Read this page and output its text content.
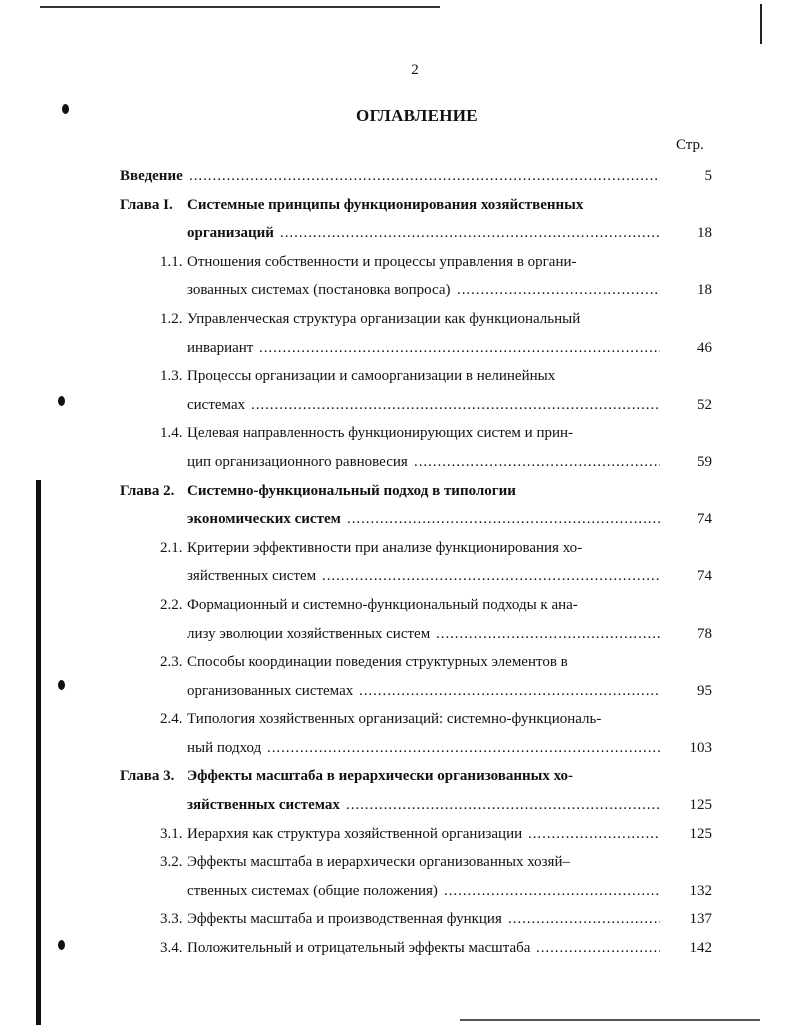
2
ОГЛАВЛЕНИЕ
Стр.
Введение . . .	5
Глава I. Системные принципы функционирования хозяйственных
организаций . . .	18
1.1. Отношения собственности и процессы управления в органи-
зованных системах (постановка вопроса) . . .	18
1.2. Управленческая структура организации как функциональный
инвариант . . .	46
1.3. Процессы организации и самоорганизации в нелинейных
системах . . .	52
1.4. Целевая направленность функционирующих систем и прин-
цип организационного равновесия . . .	59
Глава 2. Системно-функциональный подход в типологии
экономических систем . . .	74
2.1. Критерии эффективности при анализе функционирования хо-
зяйственных систем . . .	74
2.2. Формационный и системно-функциональный подходы к ана-
лизу эволюции хозяйственных систем . . .	78
2.3. Способы координации поведения структурных элементов в
организованных системах . . .	95
2.4. Типология хозяйственных организаций: системно-функциональ-
ный подход . . .	103
Глава 3. Эффекты масштаба в иерархически организованных хо-
зяйственных системах . . .	125
3.1. Иерархия как структура хозяйственной организации . . .	125
3.2. Эффекты масштаба в иерархически организованных хозяй–
ственных системах (общие положения) . . .	132
3.3. Эффекты масштаба и производственная функция . . .	137
3.4. Положительный и отрицательный эффекты масштаба . . .	142
